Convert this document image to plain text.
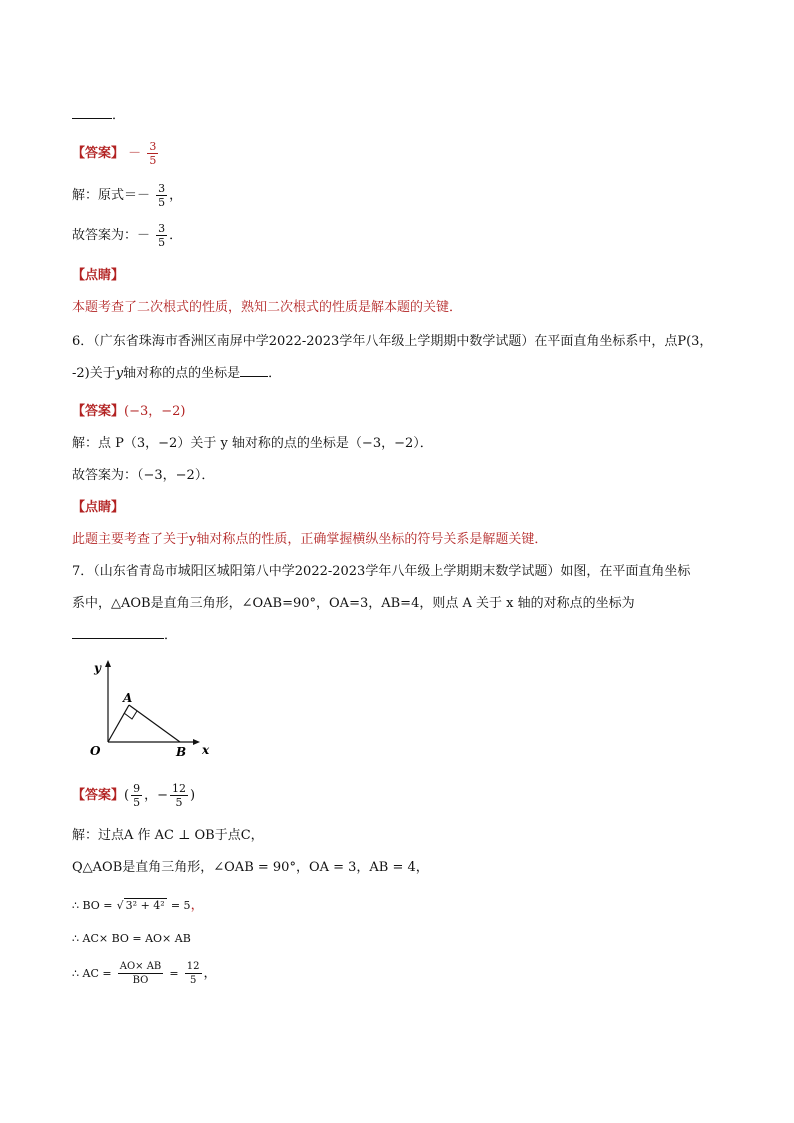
．
【答案】 － $\frac{3}{5}$
解：原式＝－ $\frac{3}{5}$ ，
故答案为：－ $\frac{3}{5}$ ．
【点睛】
本题考查了二次根式的性质，熟知二次根式的性质是解本题的关键．
6．（广东省珠海市香洲区南屏中学2022-2023学年八年级上学期期中数学试题）在平面直角坐标系中，点P(3，
-2)关于y轴对称的点的坐标是 ．
【答案】(−3，−2)
解：点 P（3，−2）关于 y 轴对称的点的坐标是（−3，−2）．
故答案为：（−3，−2）．
【点睛】
此题主要考查了关于y轴对称点的性质，正确掌握横纵坐标的符号关系是解题关键．
7．（山东省青岛市城阳区城阳第八中学2022-2023学年八年级上学期期末数学试题）如图，在平面直角坐标
系中，△AOB是直角三角形，∠OAB=90°，OA=3，AB=4，则点 A 关于 x 轴的对称点的坐标为
．
y
A
O	B x
【答案】( $\frac{9}{5}$ ，− $\frac{12}{5}$ )
解：过点A 作 AC ⊥ OB于点C，
Q△AOB是直角三角形，∠OAB = 90°，OA = 3，AB = 4，
∴ BO = √ 3² + 4² = 5，
∴ AC× BO = AO× AB
∴ AC = $\frac{AO\times AB}{BO} = \frac{12}{5}$ ，
